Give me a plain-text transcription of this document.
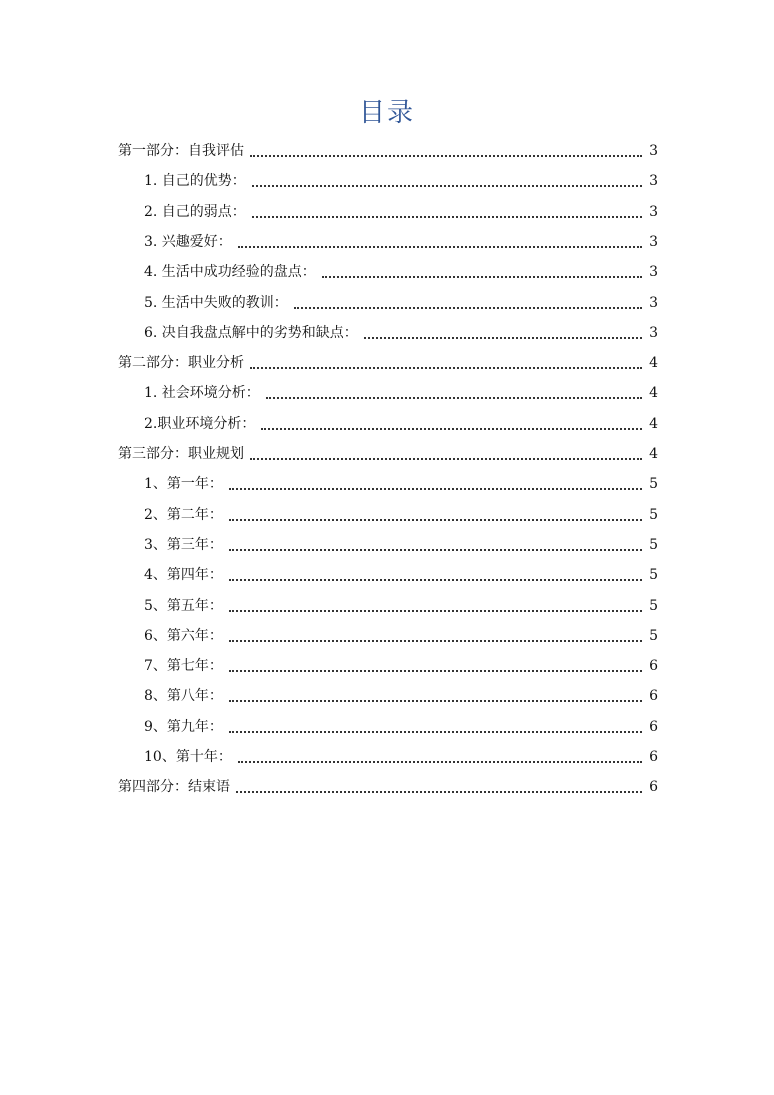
目录
第一部分：自我评估	3
1. 自己的优势：	3
2. 自己的弱点：	3
3. 兴趣爱好：	3
4. 生活中成功经验的盘点：	3
5. 生活中失败的教训：	3
6. 决自我盘点解中的劣势和缺点：	3
第二部分：职业分析	4
1. 社会环境分析：	4
2.职业环境分析：	4
第三部分：职业规划	4
1、第一年：	5
2、第二年：	5
3、第三年：	5
4、第四年：	5
5、第五年：	5
6、第六年：	5
7、第七年：	6
8、第八年：	6
9、第九年：	6
10、第十年：	6
第四部分：结束语	6
